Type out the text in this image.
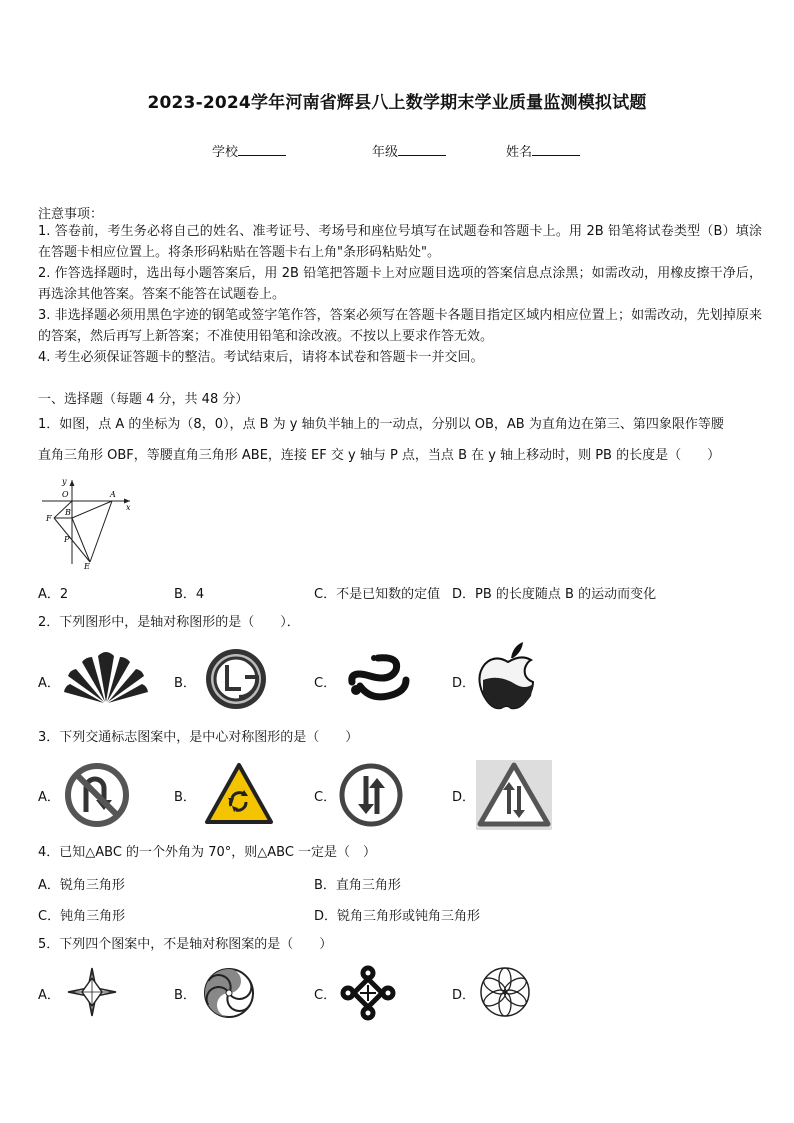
2023-2024学年河南省辉县八上数学期末学业质量监测模拟试题
学校	年级	姓名
注意事项：
1. 答卷前，考生务必将自己的姓名、准考证号、考场号和座位号填写在试题卷和答题卡上。用 2B 铅笔将试卷类型（B）填涂在答题卡相应位置上。将条形码粘贴在答题卡右上角"条形码粘贴处"。
2. 作答选择题时，选出每小题答案后，用 2B 铅笔把答题卡上对应题目选项的答案信息点涂黑；如需改动，用橡皮擦干净后，再选涂其他答案。答案不能答在试题卷上。
3. 非选择题必须用黑色字迹的钢笔或签字笔作答，答案必须写在答题卡各题目指定区域内相应位置上；如需改动，先划掉原来的答案，然后再写上新答案；不准使用铅笔和涂改液。不按以上要求作答无效。
4. 考生必须保证答题卡的整洁。考试结束后，请将本试卷和答题卡一并交回。
一、选择题（每题 4 分，共 48 分）
1．如图，点 A 的坐标为（8，0），点 B 为 y 轴负半轴上的一动点，分别以 OB，AB 为直角边在第三、第四象限作等腰
直角三角形 OBF，等腰直角三角形 ABE，连接 EF 交 y 轴与 P 点，当点 B 在 y 轴上移动时，则 PB 的长度是（　　）
y
O	A
x
F
B
P
E
A．2	B．4	C．不是已知数的定值 D．PB 的长度随点 B 的运动而变化
2．下列图形中，是轴对称图形的是（　　）．
A．	B．	C．	D．
3．下列交通标志图案中，是中心对称图形的是（　　）
A．	B．	C．	D．
4．已知△ABC 的一个外角为 70°，则△ABC 一定是（　）
A．锐角三角形	B．直角三角形
C．钝角三角形	D．锐角三角形或钝角三角形
5．下列四个图案中，不是轴对称图案的是（　　）
A．	B．	C．	D．
